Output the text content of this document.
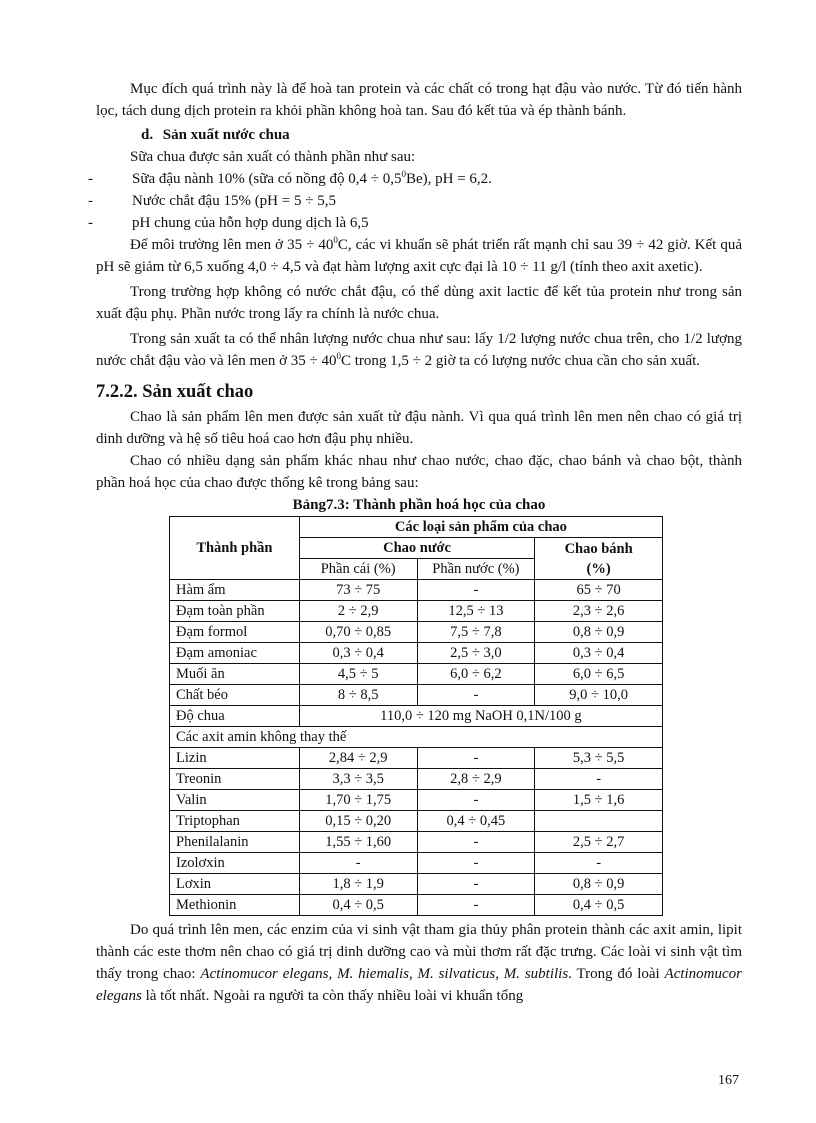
Mục đích quá trình này là để hoà tan protein và các chất có trong hạt đậu vào nước. Từ đó tiến hành lọc, tách dung dịch protein ra khỏi phần không hoà tan. Sau đó kết tủa và ép thành bánh.

d. Sản xuất nước chua

Sữa chua được sản xuất có thành phần như sau:

-	Sữa đậu nành 10% (sữa có nồng độ $0,4 \div 0,5^0Be$), pH = 6,2.
-	Nước chắt đậu 15% (pH = 5 ÷ 5,5
-	pH chung của hỗn hợp dung dịch là 6,5

Để môi trường lên men ở $35 \div 40^0C$, các vi khuẩn sẽ phát triển rất mạnh chỉ sau 39 ÷ 42 giờ. Kết quả pH sẽ giảm từ 6,5 xuống 4,0 ÷ 4,5 và đạt hàm lượng axit cực đại là 10 ÷ 11 g/l (tính theo axit axetic).

Trong trường hợp không có nước chắt đậu, có thể dùng axit lactic để kết tủa protein như trong sản xuất đậu phụ. Phần nước trong lấy ra chính là nước chua.

Trong sản xuất ta có thể nhân lượng nước chua như sau: lấy 1/2 lượng nước chua trên, cho 1/2 lượng nước chắt đậu vào và lên men ở $35 \div 40^0C$ trong 1,5 ÷ 2 giờ ta có lượng nước chua cần cho sản xuất.

7.2.2. Sản xuất chao

Chao là sản phẩm lên men được sản xuất từ đậu nành. Vì qua quá trình lên men nên chao có giá trị dinh dưỡng và hệ số tiêu hoá cao hơn đậu phụ nhiều.

Chao có nhiều dạng sản phẩm khác nhau như chao nước, chao đặc, chao bánh và chao bột, thành phần hoá học của chao được thống kê trong bảng sau:

Bảng7.3: Thành phần hoá học của chao
Thành phần	Các loại sản phẩm của chao		
	Chao nước		Chao bánh
(%)
	Phần cái (%)	Phần nước (%)	
Hàm ẩm	73 ÷ 75	-	65 ÷ 70
Đạm toàn phần	2 ÷ 2,9	12,5 ÷ 13	2,3 ÷ 2,6
Đạm formol	0,70 ÷ 0,85	7,5 ÷ 7,8	0,8 ÷ 0,9
Đạm amoniac	0,3 ÷ 0,4	2,5 ÷ 3,0	0,3 ÷ 0,4
Muối ăn	4,5 ÷ 5	6,0 ÷ 6,2	6,0 ÷ 6,5
Chất béo	8 ÷ 8,5	-	9,0 ÷ 10,0
Độ chua	110,0 ÷ 120 mg NaOH 0,1N/100 g		
Các axit amin không thay thế			
Lizin	2,84 ÷ 2,9	-	5,3 ÷ 5,5
Treonin	3,3 ÷ 3,5	2,8 ÷ 2,9	-
Valin	1,70 ÷ 1,75	-	1,5 ÷ 1,6
Triptophan	0,15 ÷ 0,20	0,4 ÷ 0,45	
Phenilalanin	1,55 ÷ 1,60	-	2,5 ÷ 2,7
Izolơxin	-	-	-
Lơxin	1,8 ÷ 1,9	-	0,8 ÷ 0,9
Methionin	0,4 ÷ 0,5	-	0,4 ÷ 0,5

Do quá trình lên men, các enzim của vi sinh vật tham gia thủy phân protein thành các axit amin, lipit thành các este thơm nên chao có giá trị dinh dưỡng cao và mùi thơm rất đặc trưng. Các loài vi sinh vật tìm thấy trong chao: Actinomucor elegans, M. hiemalis, M. silvaticus, M. subtilis. Trong đó loài Actinomucor elegans là tốt nhất. Ngoài ra người ta còn thấy nhiều loài vi khuẩn tổng

167
